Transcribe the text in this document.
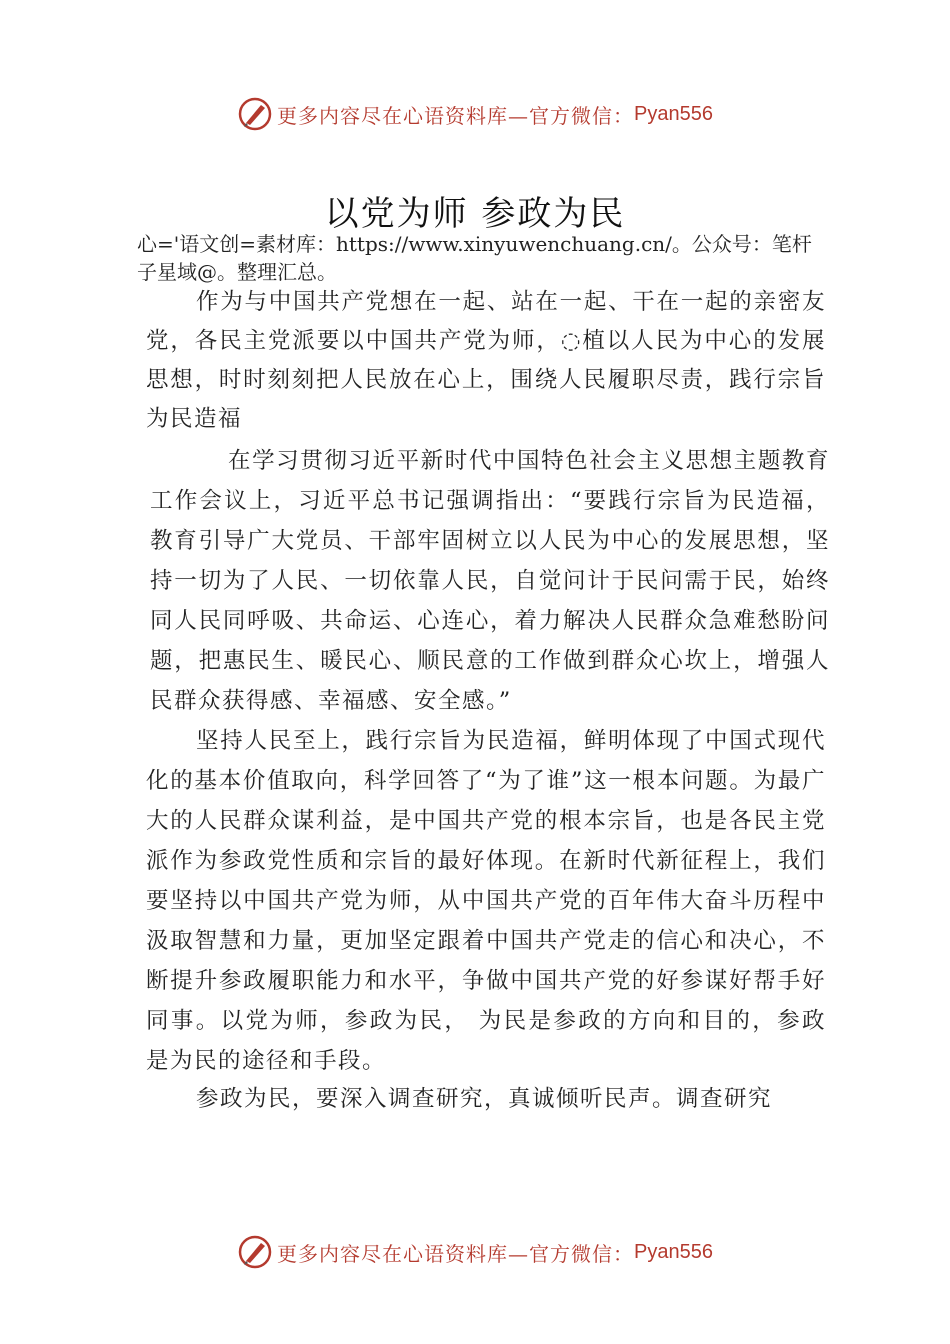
更多内容尽在心语资料库—官方微信： Pyan556
以党为师 参政为民
心='语文创=素材库：https://www.xinyuwenchuang.cn/。公众号：笔杆子星域@。整理汇总。
作为与中国共产党想在一起、站在一起、干在一起的亲密友党，各民主党派要以中国共产党为师，◌植以人民为中心的发展思想，时时刻刻把人民放在心上，围绕人民履职尽责，践行宗旨为民造福
在学习贯彻习近平新时代中国特色社会主义思想主题教育工作会议上，习近平总书记强调指出：“要践行宗旨为民造福，教育引导广大党员、干部牢固树立以人民为中心的发展思想，坚持一切为了人民、一切依靠人民，自觉问计于民问需于民，始终同人民同呼吸、共命运、心连心，着力解决人民群众急难愁盼问题，把惠民生、暖民心、顺民意的工作做到群众心坎上，增强人民群众获得感、幸福感、安全感。”
坚持人民至上，践行宗旨为民造福，鲜明体现了中国式现代化的基本价值取向，科学回答了“为了谁”这一根本问题。为最广大的人民群众谋利益，是中国共产党的根本宗旨，也是各民主党派作为参政党性质和宗旨的最好体现。在新时代新征程上，我们要坚持以中国共产党为师，从中国共产党的百年伟大奋斗历程中汲取智慧和力量，更加坚定跟着中国共产党走的信心和决心，不断提升参政履职能力和水平，争做中国共产党的好参谋好帮手好同事。以党为师，参政为民， 为民是参政的方向和目的，参政是为民的途径和手段。
参政为民，要深入调查研究，真诚倾听民声。调查研究
更多内容尽在心语资料库—官方微信： Pyan556
